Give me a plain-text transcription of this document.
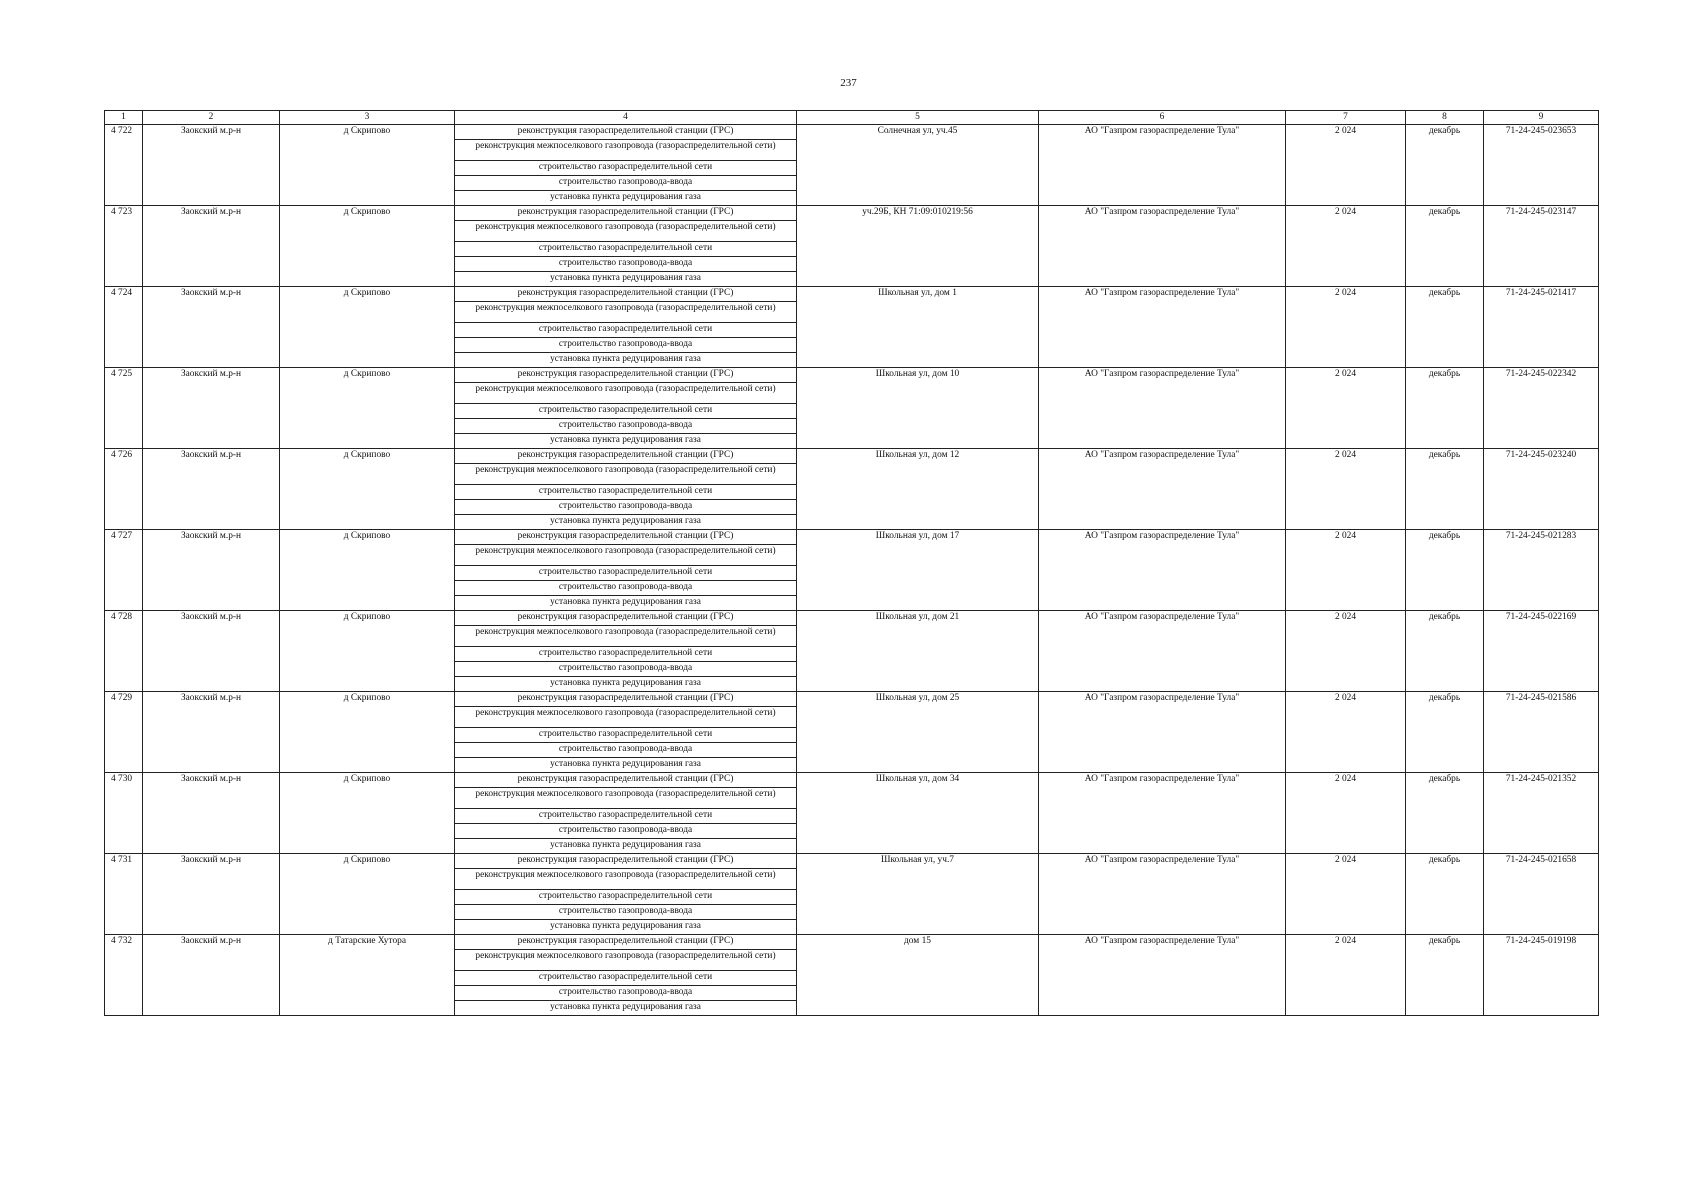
237
1	2	3	4	5	6	7	8	9
4 722	Заокский м.р-н	д Скрипово	реконструкция газораспределительной станции (ГРС)	Солнечная ул, уч.45	АО "Газпром газораспределение Тула"	2 024	декабрь	71-24-245-023653
			реконструкция межпоселкового газопровода (газораспределительной сети)					
			строительство газораспределительной сети					
			строительство газопровода-ввода					
			установка пункта редуцирования газа					
4 723	Заокский м.р-н	д Скрипово	реконструкция газораспределительной станции (ГРС)	уч.29Б, КН 71:09:010219:56	АО "Газпром газораспределение Тула"	2 024	декабрь	71-24-245-023147
			реконструкция межпоселкового газопровода (газораспределительной сети)					
			строительство газораспределительной сети					
			строительство газопровода-ввода					
			установка пункта редуцирования газа					
4 724	Заокский м.р-н	д Скрипово	реконструкция газораспределительной станции (ГРС)	Школьная ул, дом 1	АО "Газпром газораспределение Тула"	2 024	декабрь	71-24-245-021417
			реконструкция межпоселкового газопровода (газораспределительной сети)					
			строительство газораспределительной сети					
			строительство газопровода-ввода					
			установка пункта редуцирования газа					
4 725	Заокский м.р-н	д Скрипово	реконструкция газораспределительной станции (ГРС)	Школьная ул, дом 10	АО "Газпром газораспределение Тула"	2 024	декабрь	71-24-245-022342
			реконструкция межпоселкового газопровода (газораспределительной сети)					
			строительство газораспределительной сети					
			строительство газопровода-ввода					
			установка пункта редуцирования газа					
4 726	Заокский м.р-н	д Скрипово	реконструкция газораспределительной станции (ГРС)	Школьная ул, дом 12	АО "Газпром газораспределение Тула"	2 024	декабрь	71-24-245-023240
			реконструкция межпоселкового газопровода (газораспределительной сети)					
			строительство газораспределительной сети					
			строительство газопровода-ввода					
			установка пункта редуцирования газа					
4 727	Заокский м.р-н	д Скрипово	реконструкция газораспределительной станции (ГРС)	Школьная ул, дом 17	АО "Газпром газораспределение Тула"	2 024	декабрь	71-24-245-021283
			реконструкция межпоселкового газопровода (газораспределительной сети)					
			строительство газораспределительной сети					
			строительство газопровода-ввода					
			установка пункта редуцирования газа					
4 728	Заокский м.р-н	д Скрипово	реконструкция газораспределительной станции (ГРС)	Школьная ул, дом 21	АО "Газпром газораспределение Тула"	2 024	декабрь	71-24-245-022169
			реконструкция межпоселкового газопровода (газораспределительной сети)					
			строительство газораспределительной сети					
			строительство газопровода-ввода					
			установка пункта редуцирования газа					
4 729	Заокский м.р-н	д Скрипово	реконструкция газораспределительной станции (ГРС)	Школьная ул, дом 25	АО "Газпром газораспределение Тула"	2 024	декабрь	71-24-245-021586
			реконструкция межпоселкового газопровода (газораспределительной сети)					
			строительство газораспределительной сети					
			строительство газопровода-ввода					
			установка пункта редуцирования газа					
4 730	Заокский м.р-н	д Скрипово	реконструкция газораспределительной станции (ГРС)	Школьная ул, дом 34	АО "Газпром газораспределение Тула"	2 024	декабрь	71-24-245-021352
			реконструкция межпоселкового газопровода (газораспределительной сети)					
			строительство газораспределительной сети					
			строительство газопровода-ввода					
			установка пункта редуцирования газа					
4 731	Заокский м.р-н	д Скрипово	реконструкция газораспределительной станции (ГРС)	Школьная ул, уч.7	АО "Газпром газораспределение Тула"	2 024	декабрь	71-24-245-021658
			реконструкция межпоселкового газопровода (газораспределительной сети)					
			строительство газораспределительной сети					
			строительство газопровода-ввода					
			установка пункта редуцирования газа					
4 732	Заокский м.р-н	д Татарские Хутора	реконструкция газораспределительной станции (ГРС)	дом 15	АО "Газпром газораспределение Тула"	2 024	декабрь	71-24-245-019198
			реконструкция межпоселкового газопровода (газораспределительной сети)					
			строительство газораспределительной сети					
			строительство газопровода-ввода					
			установка пункта редуцирования газа					
